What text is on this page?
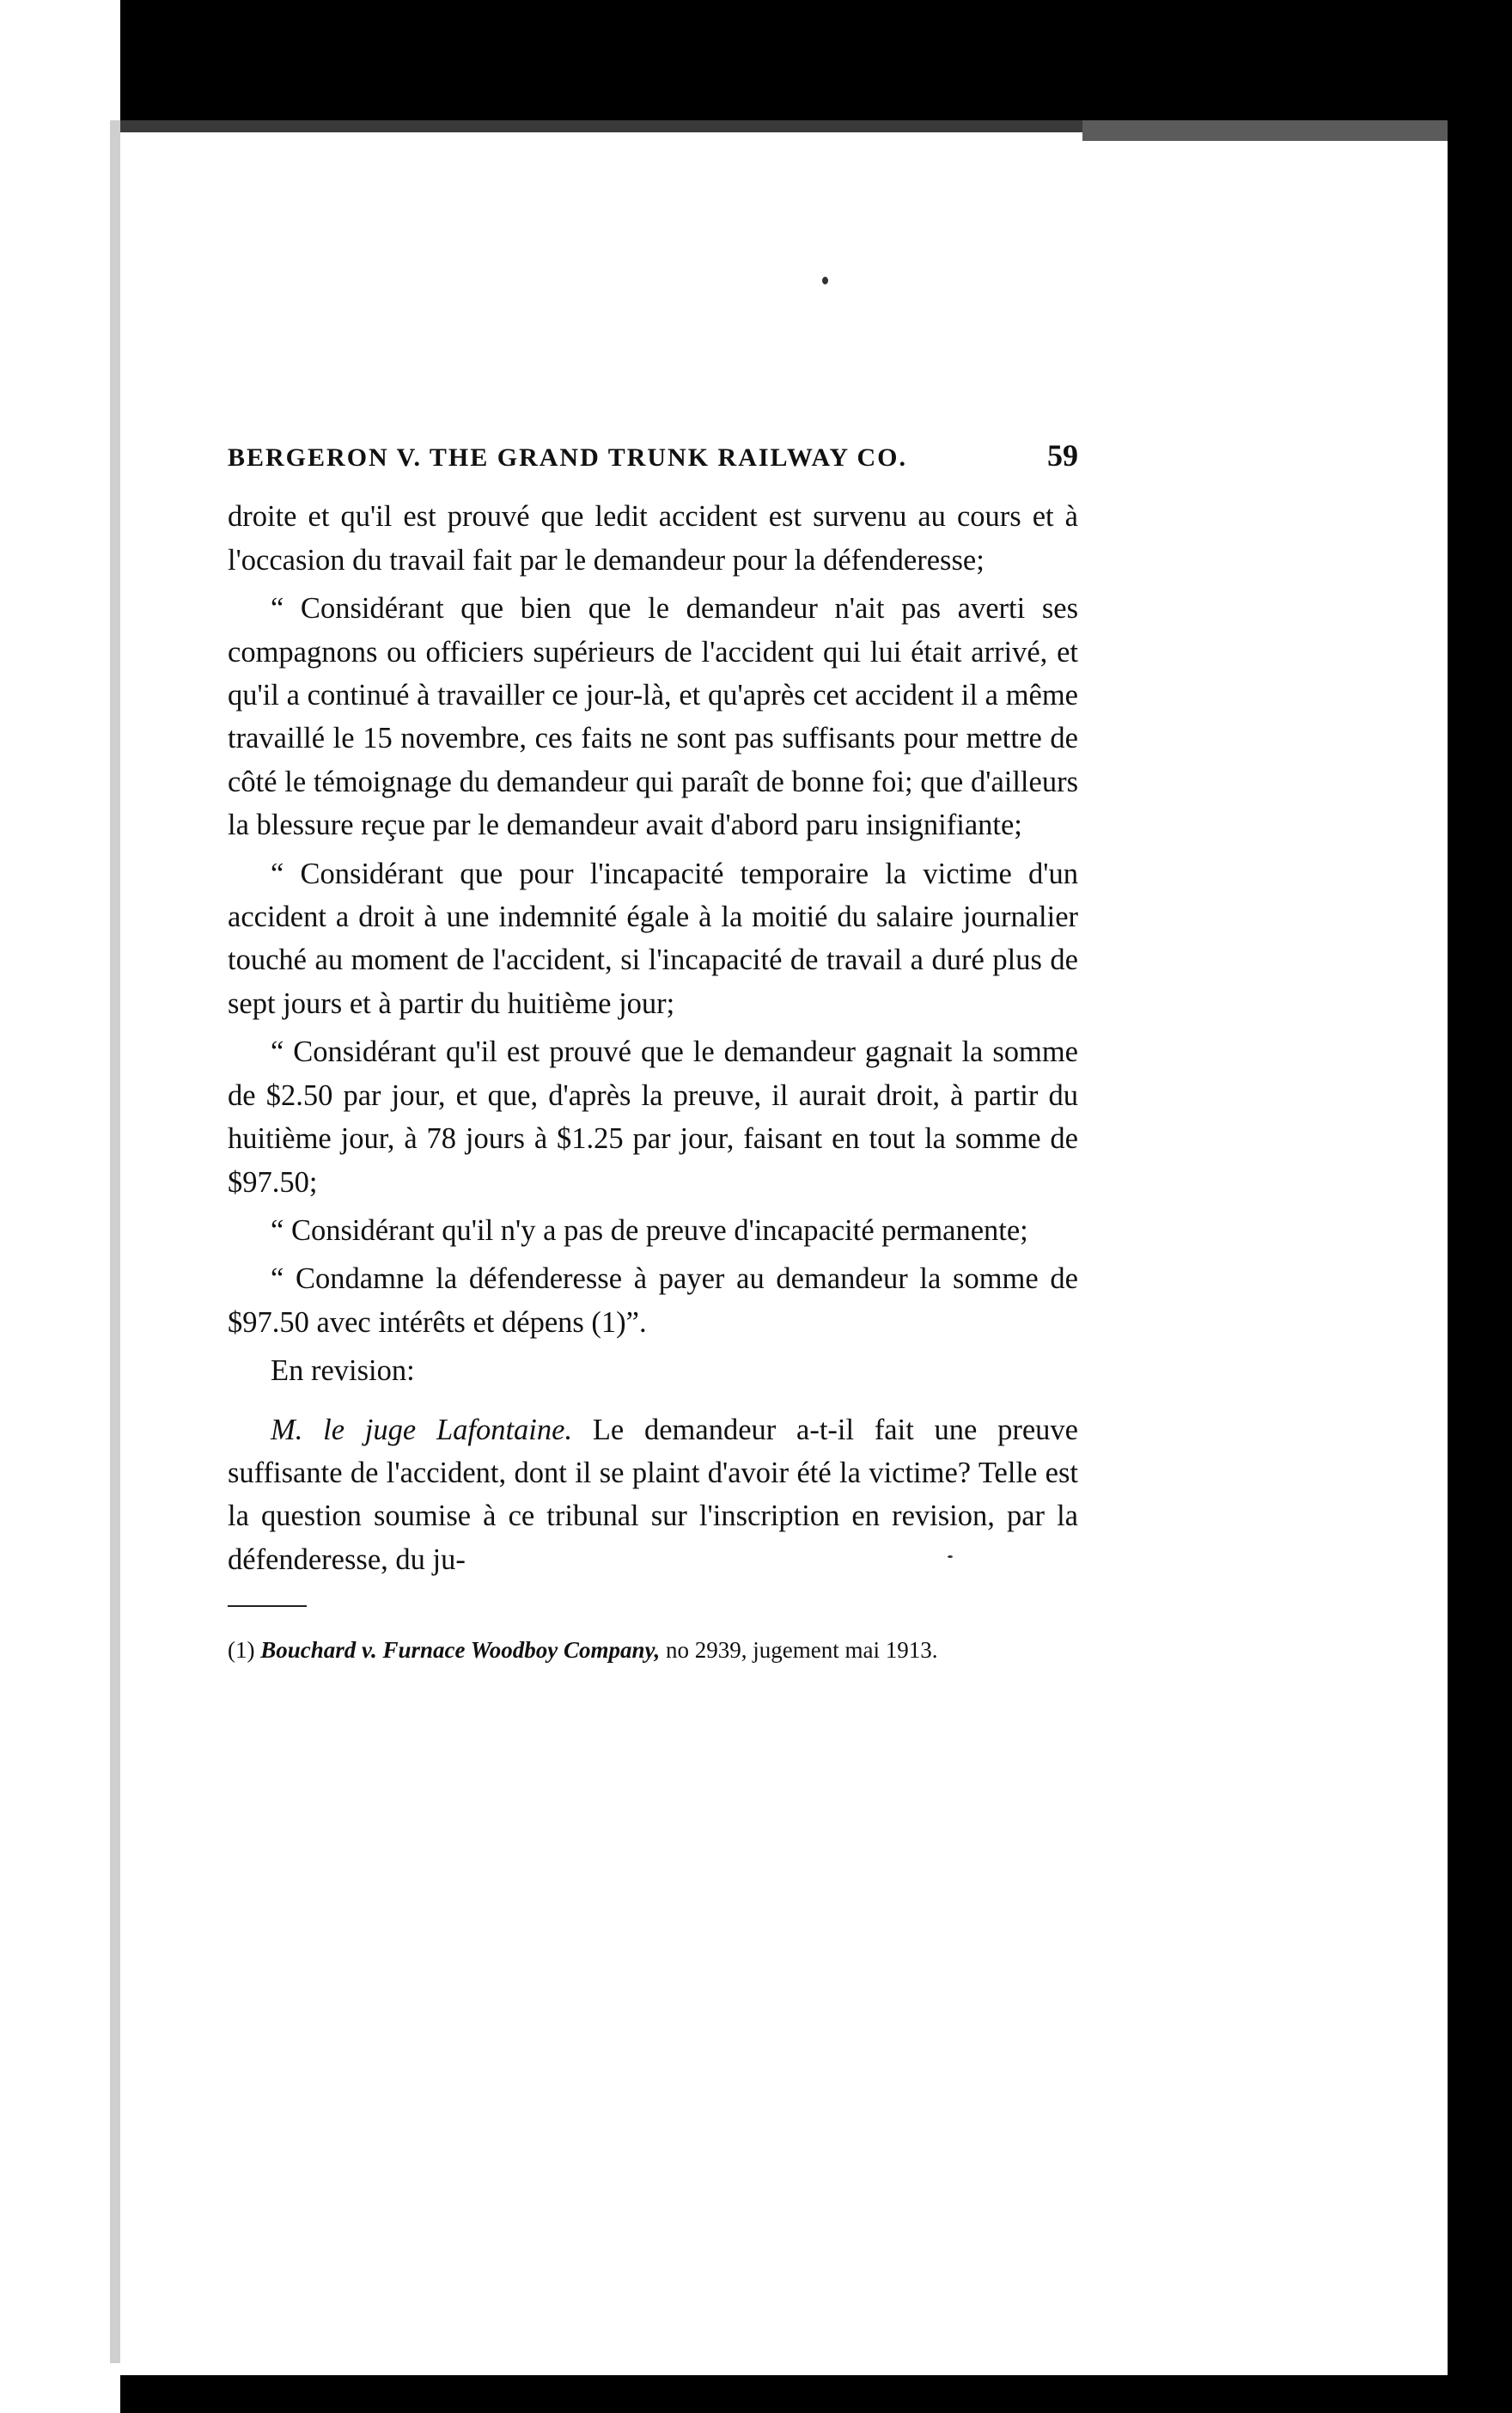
BERGERON V. THE GRAND TRUNK RAILWAY CO.	59

droite et qu'il est prouvé que ledit accident est survenu au cours et à l'occasion du travail fait par le demandeur pour la défenderesse;

“ Considérant que bien que le demandeur n'ait pas averti ses compagnons ou officiers supérieurs de l'accident qui lui était arrivé, et qu'il a continué à travailler ce jour-là, et qu'après cet accident il a même travaillé le 15 novembre, ces faits ne sont pas suffisants pour mettre de côté le témoignage du demandeur qui paraît de bonne foi; que d'ailleurs la blessure reçue par le demandeur avait d'abord paru insignifiante;

“ Considérant que pour l'incapacité temporaire la victime d'un accident a droit à une indemnité égale à la moitié du salaire journalier touché au moment de l'accident, si l'incapacité de travail a duré plus de sept jours et à partir du huitième jour;

“ Considérant qu'il est prouvé que le demandeur gagnait la somme de $2.50 par jour, et que, d'après la preuve, il aurait droit, à partir du huitième jour, à 78 jours à $1.25 par jour, faisant en tout la somme de $97.50;

“ Considérant qu'il n'y a pas de preuve d'incapacité permanente;

“ Condamne la défenderesse à payer au demandeur la somme de $97.50 avec intérêts et dépens (1)”.

En revision:

M. le juge Lafontaine. Le demandeur a-t-il fait une preuve suffisante de l'accident, dont il se plaint d'avoir été la victime? Telle est la question soumise à ce tribunal sur l'inscription en revision, par la défenderesse, du ju-

(1) Bouchard v. Furnace Woodboy Company, no 2939, jugement mai 1913.
